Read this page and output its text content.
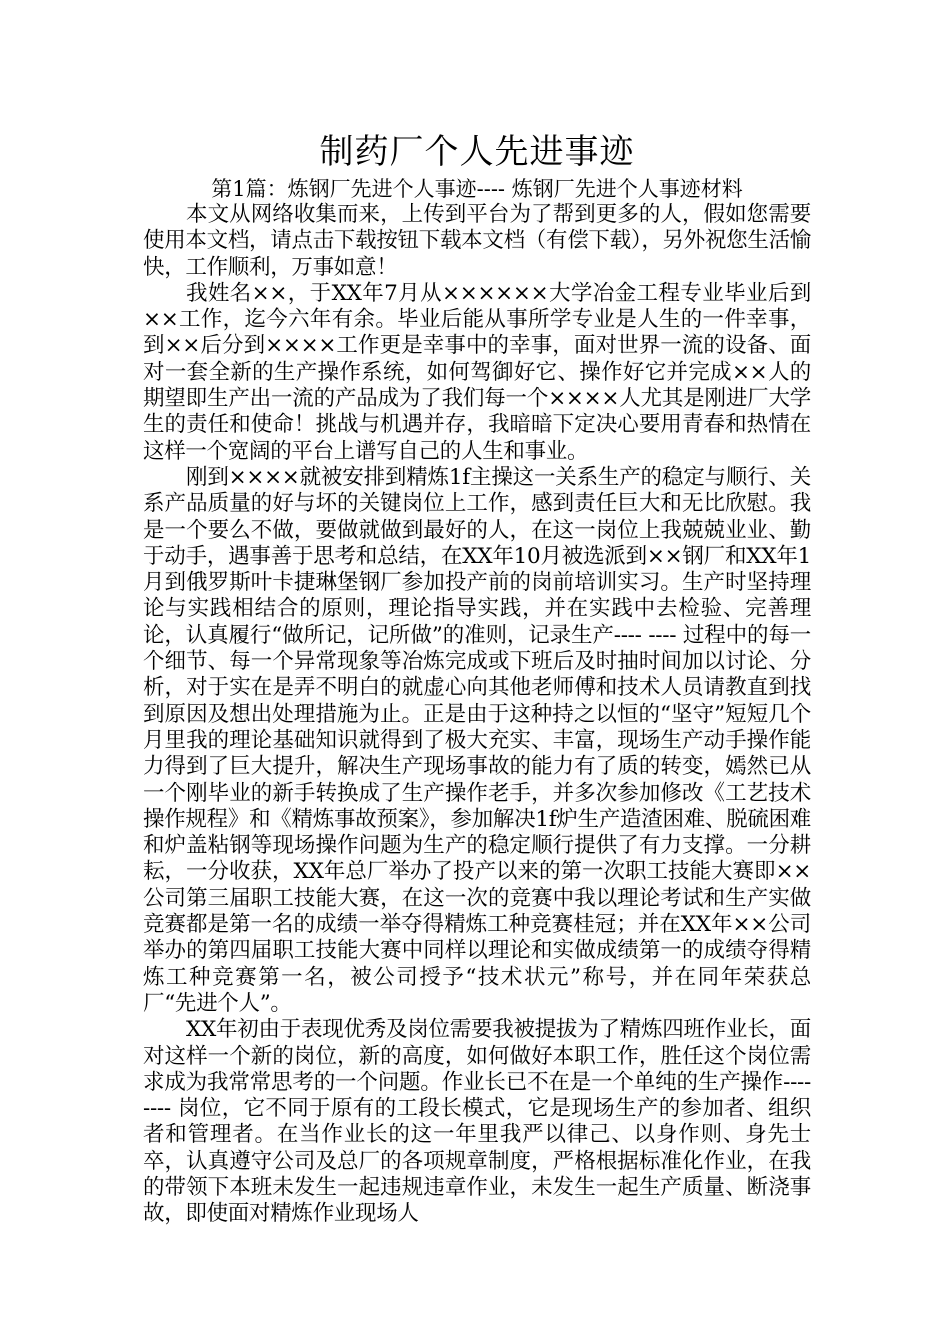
制药厂个人先进事迹

第1篇：炼钢厂先进个人事迹---- 炼钢厂先进个人事迹材料

本文从网络收集而来，上传到平台为了帮到更多的人，假如您需要使用本文档，请点击下载按钮下载本文档（有偿下载），另外祝您生活愉快，工作顺利，万事如意！

我姓名××，于XX年7月从××××××大学冶金工程专业毕业后到××工作，迄今六年有余。毕业后能从事所学专业是人生的一件幸事，到××后分到××××工作更是幸事中的幸事，面对世界一流的设备、面对一套全新的生产操作系统，如何驾御好它、操作好它并完成××人的期望即生产出一流的产品成为了我们每一个××××人尤其是刚进厂大学生的责任和使命！挑战与机遇并存，我暗暗下定决心要用青春和热情在这样一个宽阔的平台上谱写自己的人生和事业。

刚到××××就被安排到精炼1f主操这一关系生产的稳定与顺行、关系产品质量的好与坏的关键岗位上工作，感到责任巨大和无比欣慰。我是一个要么不做，要做就做到最好的人，在这一岗位上我兢兢业业、勤于动手，遇事善于思考和总结，在XX年10月被选派到××钢厂和XX年1月到俄罗斯叶卡捷琳堡钢厂参加投产前的岗前培训实习。生产时坚持理论与实践相结合的原则，理论指导实践，并在实践中去检验、完善理论，认真履行“做所记，记所做”的准则，记录生产---- ---- 过程中的每一个细节、每一个异常现象等冶炼完成或下班后及时抽时间加以讨论、分析，对于实在是弄不明白的就虚心向其他老师傅和技术人员请教直到找到原因及想出处理措施为止。正是由于这种持之以恒的“坚守”短短几个月里我的理论基础知识就得到了极大充实、丰富，现场生产动手操作能力得到了巨大提升，解决生产现场事故的能力有了质的转变，嫣然已从一个刚毕业的新手转换成了生产操作老手，并多次参加修改《工艺技术操作规程》和《精炼事故预案》，参加解决1f炉生产造渣困难、脱硫困难和炉盖粘钢等现场操作问题为生产的稳定顺行提供了有力支撑。一分耕耘，一分收获，XX年总厂举办了投产以来的第一次职工技能大赛即××公司第三届职工技能大赛，在这一次的竞赛中我以理论考试和生产实做竞赛都是第一名的成绩一举夺得精炼工种竞赛桂冠；并在XX年××公司举办的第四届职工技能大赛中同样以理论和实做成绩第一的成绩夺得精炼工种竞赛第一名，被公司授予“技术状元”称号，并在同年荣获总厂“先进个人”。

XX年初由于表现优秀及岗位需要我被提拔为了精炼四班作业长，面对这样一个新的岗位，新的高度，如何做好本职工作，胜任这个岗位需求成为我常常思考的一个问题。作业长已不在是一个单纯的生产操作---- ---- 岗位，它不同于原有的工段长模式，它是现场生产的参加者、组织者和管理者。在当作业长的这一年里我严以律己、以身作则、身先士卒，认真遵守公司及总厂的各项规章制度，严格根据标准化作业，在我的带领下本班未发生一起违规违章作业，未发生一起生产质量、断浇事故，即使面对精炼作业现场人
